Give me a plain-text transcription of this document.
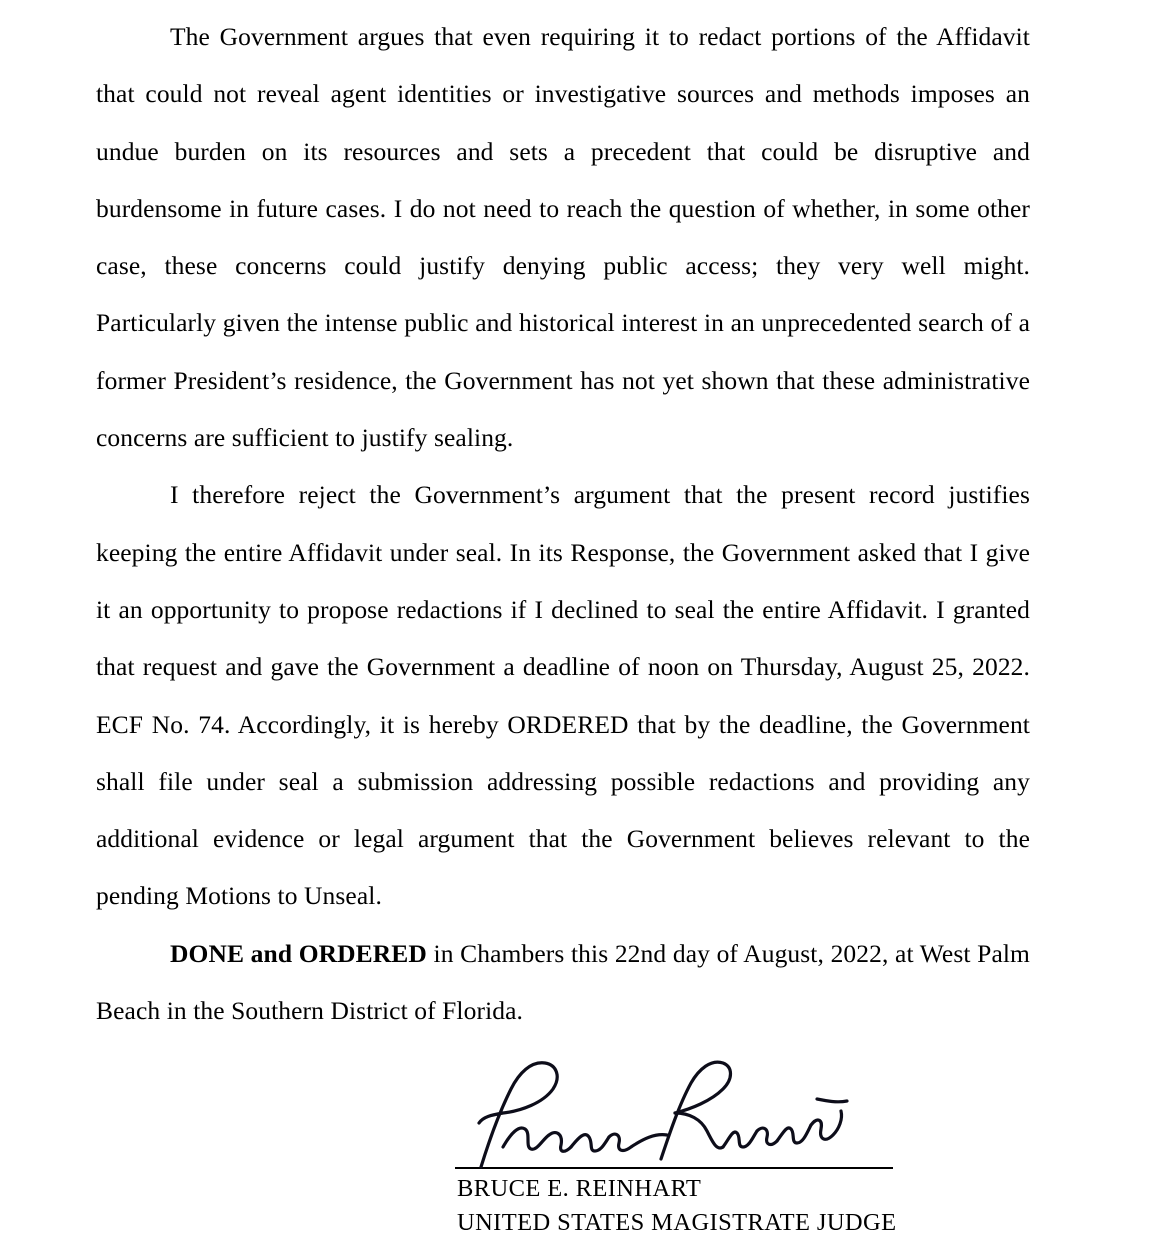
The Government argues that even requiring it to redact portions of the Affidavit that could not reveal agent identities or investigative sources and methods imposes an undue burden on its resources and sets a precedent that could be disruptive and burdensome in future cases. I do not need to reach the question of whether, in some other case, these concerns could justify denying public access; they very well might. Particularly given the intense public and historical interest in an unprecedented search of a former President’s residence, the Government has not yet shown that these administrative concerns are sufficient to justify sealing.

I therefore reject the Government’s argument that the present record justifies keeping the entire Affidavit under seal. In its Response, the Government asked that I give it an opportunity to propose redactions if I declined to seal the entire Affidavit. I granted that request and gave the Government a deadline of noon on Thursday, August 25, 2022. ECF No. 74. Accordingly, it is hereby ORDERED that by the deadline, the Government shall file under seal a submission addressing possible redactions and providing any additional evidence or legal argument that the Government believes relevant to the pending Motions to Unseal.

DONE and ORDERED in Chambers this 22nd day of August, 2022, at West Palm Beach in the Southern District of Florida.

BRUCE E. REINHART
UNITED STATES MAGISTRATE JUDGE
